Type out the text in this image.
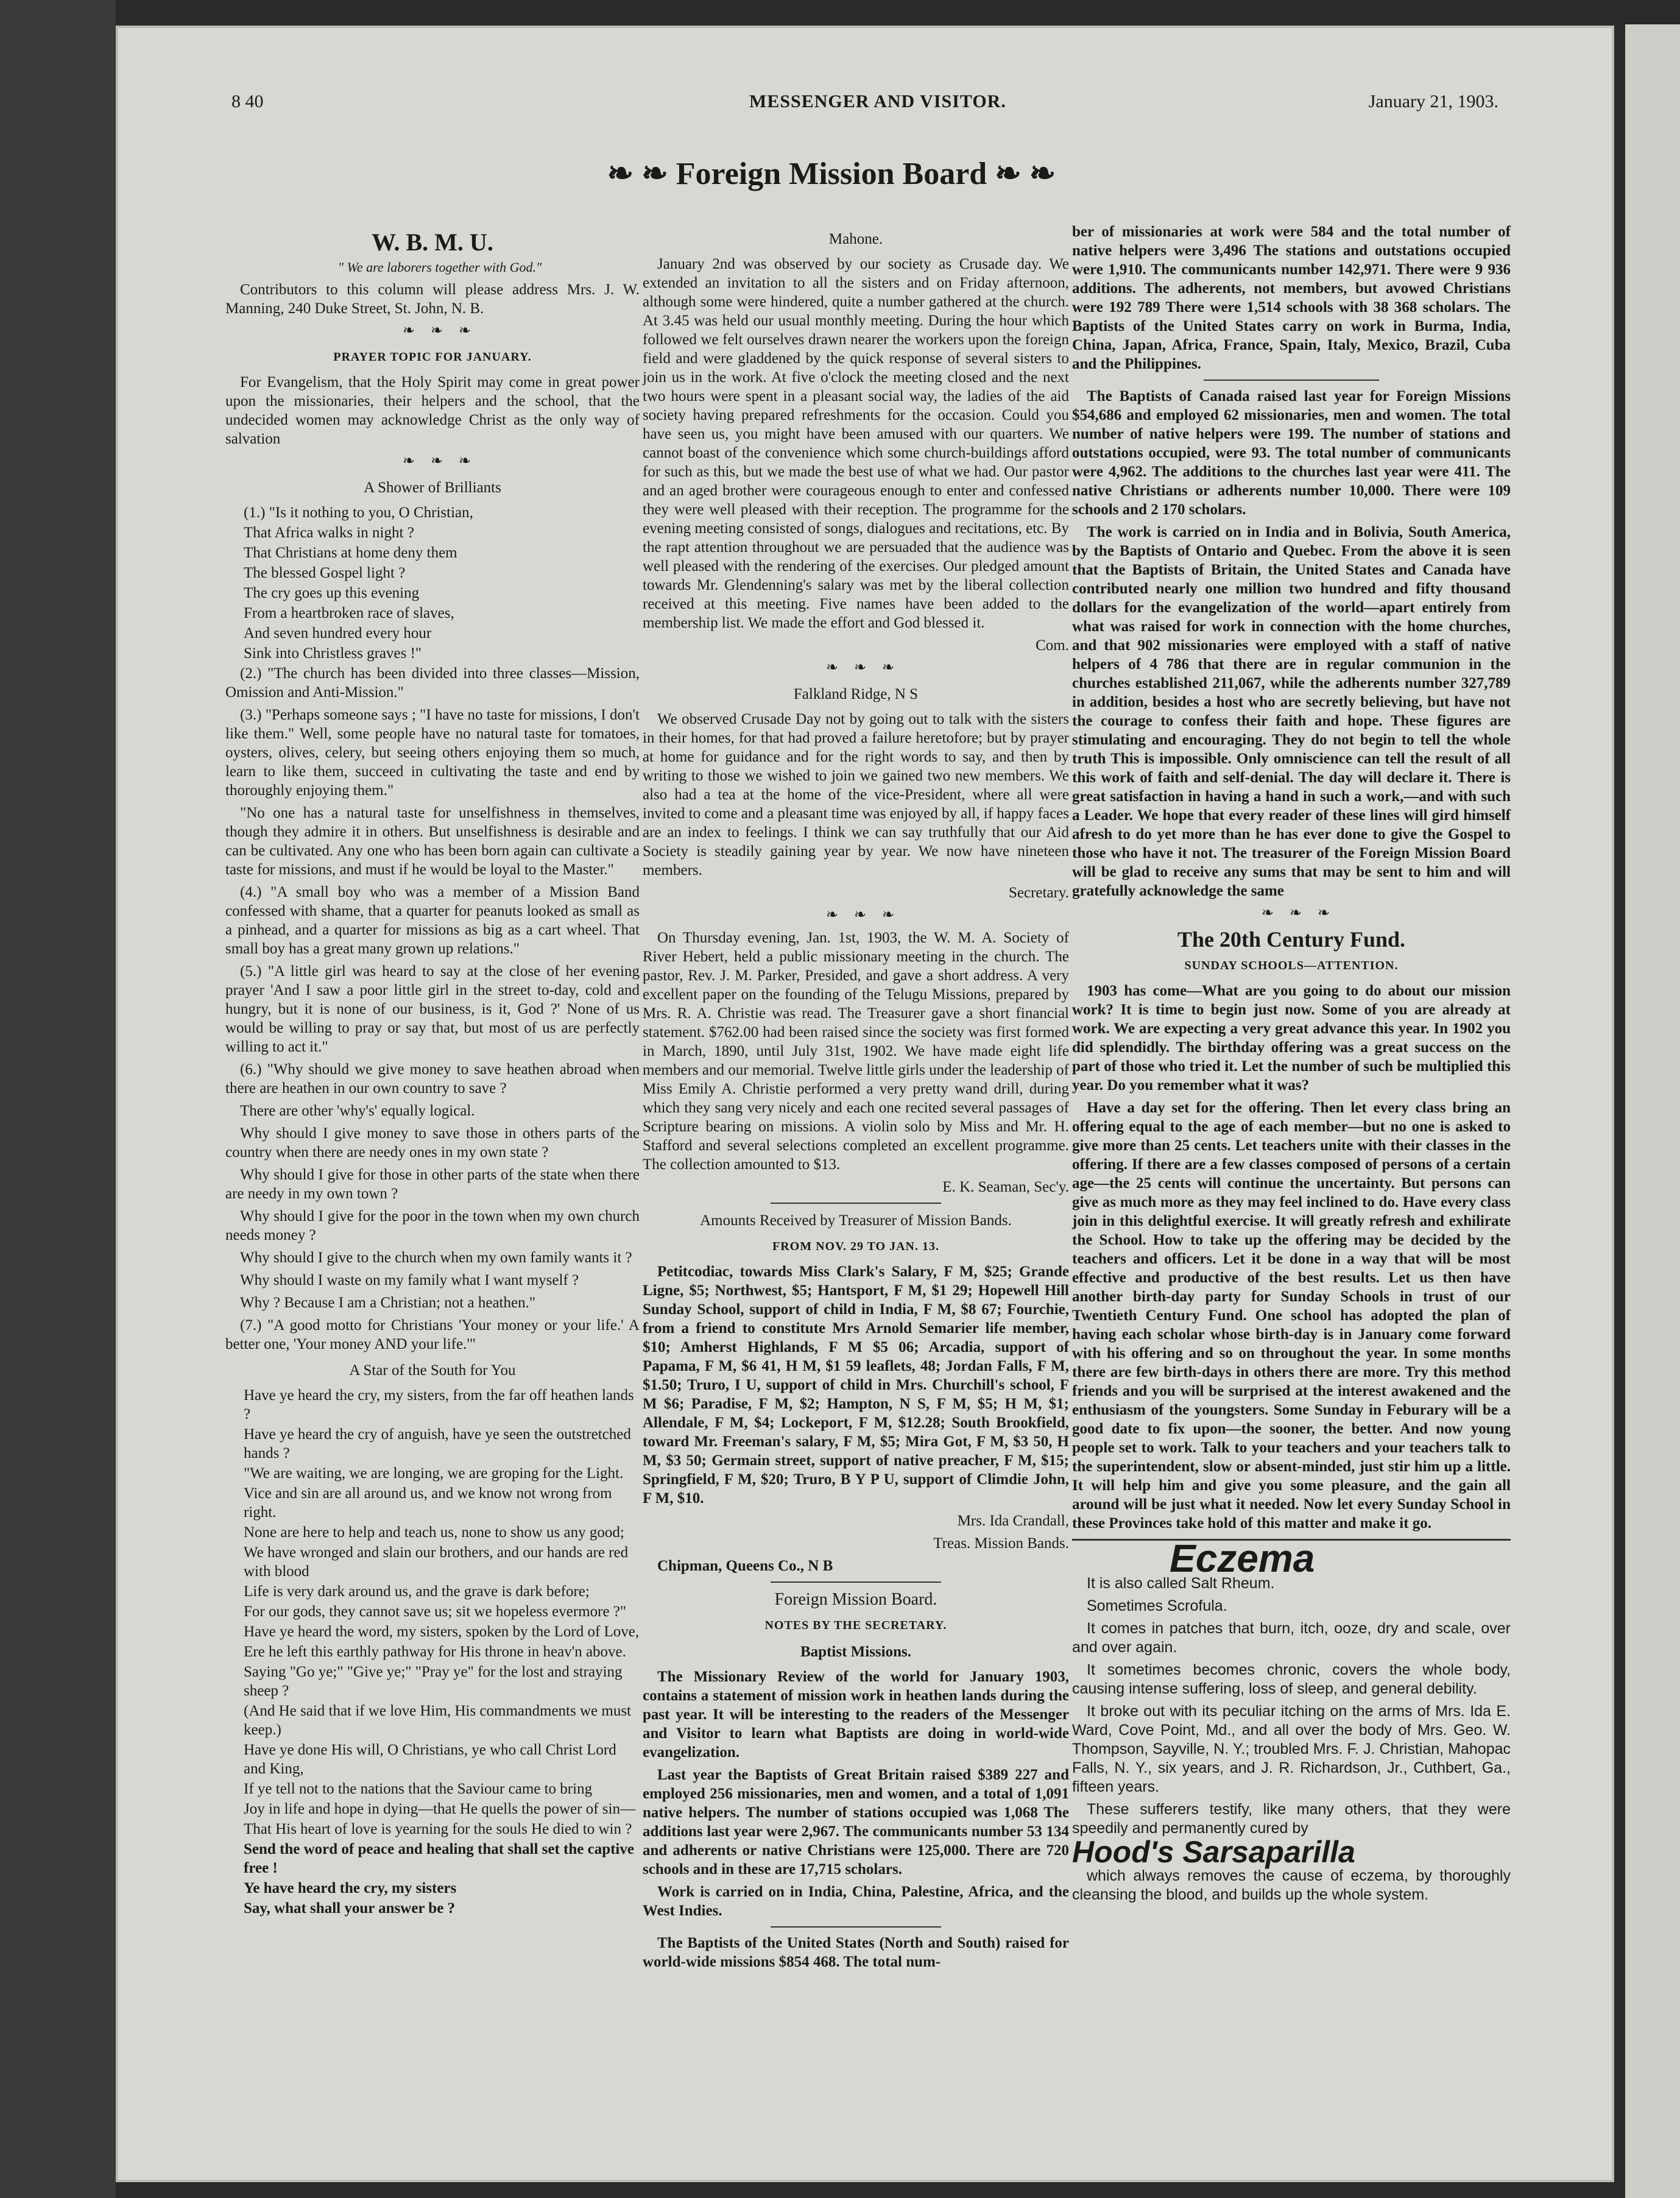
8 40	MESSENGER AND VISITOR.	January 21, 1903.
❧ ❧ Foreign Mission Board ❧ ❧

W. B. M. U.

" We are laborers together with God."

Contributors to this column will please address Mrs. J. W. Manning, 240 Duke Street, St. John, N. B.

❧ ❧ ❧

PRAYER TOPIC FOR JANUARY.

For Evangelism, that the Holy Spirit may come in great power upon the missionaries, their helpers and the school, that the undecided women may acknowledge Christ as the only way of salvation

❧ ❧ ❧

A Shower of Brilliants

(1.) "Is it nothing to you, O Christian,

That Africa walks in night ?

That Christians at home deny them

The blessed Gospel light ?

The cry goes up this evening

From a heartbroken race of slaves,

And seven hundred every hour

Sink into Christless graves !"

(2.) "The church has been divided into three classes—Mission, Omission and Anti-Mission."

(3.) "Perhaps someone says ; "I have no taste for missions, I don't like them." Well, some people have no natural taste for tomatoes, oysters, olives, celery, but seeing others enjoying them so much, learn to like them, succeed in cultivating the taste and end by thoroughly enjoying them."

"No one has a natural taste for unselfishness in themselves, though they admire it in others. But unselfishness is desirable and can be cultivated. Any one who has been born again can cultivate a taste for missions, and must if he would be loyal to the Master."

(4.) "A small boy who was a member of a Mission Band confessed with shame, that a quarter for peanuts looked as small as a pinhead, and a quarter for missions as big as a cart wheel. That small boy has a great many grown up relations."

(5.) "A little girl was heard to say at the close of her evening prayer 'And I saw a poor little girl in the street to-day, cold and hungry, but it is none of our business, is it, God ?' None of us would be willing to pray or say that, but most of us are perfectly willing to act it."

(6.) "Why should we give money to save heathen abroad when there are heathen in our own country to save ?

There are other 'why's' equally logical.

Why should I give money to save those in others parts of the country when there are needy ones in my own state ?

Why should I give for those in other parts of the state when there are needy in my own town ?

Why should I give for the poor in the town when my own church needs money ?

Why should I give to the church when my own family wants it ?

Why should I waste on my family what I want myself ?

Why ? Because I am a Christian; not a heathen."

(7.) "A good motto for Christians 'Your money or your life.' A better one, 'Your money AND your life.'"

A Star of the South for You

Have ye heard the cry, my sisters, from the far off heathen lands ?

Have ye heard the cry of anguish, have ye seen the outstretched hands ?

"We are waiting, we are longing, we are groping for the Light.

Vice and sin are all around us, and we know not wrong from right.

None are here to help and teach us, none to show us any good;

We have wronged and slain our brothers, and our hands are red with blood

Life is very dark around us, and the grave is dark before;

For our gods, they cannot save us; sit we hopeless evermore ?"

Have ye heard the word, my sisters, spoken by the Lord of Love,

Ere he left this earthly pathway for His throne in heav'n above.

Saying "Go ye;" "Give ye;" "Pray ye" for the lost and straying sheep ?

(And He said that if we love Him, His commandments we must keep.)

Have ye done His will, O Christians, ye who call Christ Lord and King,

If ye tell not to the nations that the Saviour came to bring

Joy in life and hope in dying—that He quells the power of sin—

That His heart of love is yearning for the souls He died to win ?

Send the word of peace and healing that shall set the captive free !

Ye have heard the cry, my sisters

Say, what shall your answer be ?

Mahone.

January 2nd was observed by our society as Crusade day. We extended an invitation to all the sisters and on Friday afternoon, although some were hindered, quite a number gathered at the church. At 3.45 was held our usual monthly meeting. During the hour which followed we felt ourselves drawn nearer the workers upon the foreign field and were gladdened by the quick response of several sisters to join us in the work. At five o'clock the meeting closed and the next two hours were spent in a pleasant social way, the ladies of the aid society having prepared refreshments for the occasion. Could you have seen us, you might have been amused with our quarters. We cannot boast of the convenience which some church-buildings afford for such as this, but we made the best use of what we had. Our pastor and an aged brother were courageous enough to enter and confessed they were well pleased with their reception. The programme for the evening meeting consisted of songs, dialogues and recitations, etc. By the rapt attention throughout we are persuaded that the audience was well pleased with the rendering of the exercises. Our pledged amount towards Mr. Glendenning's salary was met by the liberal collection received at this meeting. Five names have been added to the membership list. We made the effort and God blessed it.

Com.

❧ ❧ ❧

Falkland Ridge, N S

We observed Crusade Day not by going out to talk with the sisters in their homes, for that had proved a failure heretofore; but by prayer at home for guidance and for the right words to say, and then by writing to those we wished to join we gained two new members. We also had a tea at the home of the vice-President, where all were invited to come and a pleasant time was enjoyed by all, if happy faces are an index to feelings. I think we can say truthfully that our Aid Society is steadily gaining year by year. We now have nineteen members.

Secretary.

❧ ❧ ❧

On Thursday evening, Jan. 1st, 1903, the W. M. A. Society of River Hebert, held a public missionary meeting in the church. The pastor, Rev. J. M. Parker, Presided, and gave a short address. A very excellent paper on the founding of the Telugu Missions, prepared by Mrs. R. A. Christie was read. The Treasurer gave a short financial statement. $762.00 had been raised since the society was first formed in March, 1890, until July 31st, 1902. We have made eight life members and our memorial. Twelve little girls under the leadership of Miss Emily A. Christie performed a very pretty wand drill, during which they sang very nicely and each one recited several passages of Scripture bearing on missions. A violin solo by Miss and Mr. H. Stafford and several selections completed an excellent programme. The collection amounted to $13.

E. K. Seaman, Sec'y.

Amounts Received by Treasurer of Mission Bands.

FROM NOV. 29 TO JAN. 13.

Petitcodiac, towards Miss Clark's Salary, F M, $25; Grande Ligne, $5; Northwest, $5; Hantsport, F M, $1 29; Hopewell Hill Sunday School, support of child in India, F M, $8 67; Fourchie, from a friend to constitute Mrs Arnold Semarier life member, $10; Amherst Highlands, F M $5 06; Arcadia, support of Papama, F M, $6 41, H M, $1 59 leaflets, 48; Jordan Falls, F M, $1.50; Truro, I U, support of child in Mrs. Churchill's school, F M $6; Paradise, F M, $2; Hampton, N S, F M, $5; H M, $1; Allendale, F M, $4; Lockeport, F M, $12.28; South Brookfield, toward Mr. Freeman's salary, F M, $5; Mira Got, F M, $3 50, H M, $3 50; Germain street, support of native preacher, F M, $15; Springfield, F M, $20; Truro, B Y P U, support of Climdie John, F M, $10.

Mrs. Ida Crandall,

Treas. Mission Bands.

Chipman, Queens Co., N B

Foreign Mission Board.

NOTES BY THE SECRETARY.

Baptist Missions.

The Missionary Review of the world for January 1903, contains a statement of mission work in heathen lands during the past year. It will be interesting to the readers of the Messenger and Visitor to learn what Baptists are doing in world-wide evangelization.

Last year the Baptists of Great Britain raised $389 227 and employed 256 missionaries, men and women, and a total of 1,091 native helpers. The number of stations occupied was 1,068 The additions last year were 2,967. The communicants number 53 134 and adherents or native Christians were 125,000. There are 720 schools and in these are 17,715 scholars.

Work is carried on in India, China, Palestine, Africa, and the West Indies.

The Baptists of the United States (North and South) raised for world-wide missions $854 468. The total num-

ber of missionaries at work were 584 and the total number of native helpers were 3,496 The stations and outstations occupied were 1,910. The communicants number 142,971. There were 9 936 additions. The adherents, not members, but avowed Christians were 192 789 There were 1,514 schools with 38 368 scholars. The Baptists of the United States carry on work in Burma, India, China, Japan, Africa, France, Spain, Italy, Mexico, Brazil, Cuba and the Philippines.

The Baptists of Canada raised last year for Foreign Missions $54,686 and employed 62 missionaries, men and women. The total number of native helpers were 199. The number of stations and outstations occupied, were 93. The total number of communicants were 4,962. The additions to the churches last year were 411. The native Christians or adherents number 10,000. There were 109 schools and 2 170 scholars.

The work is carried on in India and in Bolivia, South America, by the Baptists of Ontario and Quebec. From the above it is seen that the Baptists of Britain, the United States and Canada have contributed nearly one million two hundred and fifty thousand dollars for the evangelization of the world—apart entirely from what was raised for work in connection with the home churches, and that 902 missionaries were employed with a staff of native helpers of 4 786 that there are in regular communion in the churches established 211,067, while the adherents number 327,789 in addition, besides a host who are secretly believing, but have not the courage to confess their faith and hope. These figures are stimulating and encouraging. They do not begin to tell the whole truth This is impossible. Only omniscience can tell the result of all this work of faith and self-denial. The day will declare it. There is great satisfaction in having a hand in such a work,—and with such a Leader. We hope that every reader of these lines will gird himself afresh to do yet more than he has ever done to give the Gospel to those who have it not. The treasurer of the Foreign Mission Board will be glad to receive any sums that may be sent to him and will gratefully acknowledge the same

❧ ❧ ❧

The 20th Century Fund.

SUNDAY SCHOOLS—ATTENTION.

1903 has come—What are you going to do about our mission work? It is time to begin just now. Some of you are already at work. We are expecting a very great advance this year. In 1902 you did splendidly. The birthday offering was a great success on the part of those who tried it. Let the number of such be multiplied this year. Do you remember what it was?

Have a day set for the offering. Then let every class bring an offering equal to the age of each member—but no one is asked to give more than 25 cents. Let teachers unite with their classes in the offering. If there are a few classes composed of persons of a certain age—the 25 cents will continue the uncertainty. But persons can give as much more as they may feel inclined to do. Have every class join in this delightful exercise. It will greatly refresh and exhilirate the School. How to take up the offering may be decided by the teachers and officers. Let it be done in a way that will be most effective and productive of the best results. Let us then have another birth-day party for Sunday Schools in trust of our Twentieth Century Fund. One school has adopted the plan of having each scholar whose birth-day is in January come forward with his offering and so on throughout the year. In some months there are few birth-days in others there are more. Try this method friends and you will be surprised at the interest awakened and the enthusiasm of the youngsters. Some Sunday in Feburary will be a good date to fix upon—the sooner, the better. And now young people set to work. Talk to your teachers and your teachers talk to the superintendent, slow or absent-minded, just stir him up a little. It will help him and give you some pleasure, and the gain all around will be just what it needed. Now let every Sunday School in these Provinces take hold of this matter and make it go.

Eczema

It is also called Salt Rheum.

Sometimes Scrofula.

It comes in patches that burn, itch, ooze, dry and scale, over and over again.

It sometimes becomes chronic, covers the whole body, causing intense suffering, loss of sleep, and general debility.

It broke out with its peculiar itching on the arms of Mrs. Ida E. Ward, Cove Point, Md., and all over the body of Mrs. Geo. W. Thompson, Sayville, N. Y.; troubled Mrs. F. J. Christian, Mahopac Falls, N. Y., six years, and J. R. Richardson, Jr., Cuthbert, Ga., fifteen years.

These sufferers testify, like many others, that they were speedily and permanently cured by

Hood's Sarsaparilla

which always removes the cause of eczema, by thoroughly cleansing the blood, and builds up the whole system.
